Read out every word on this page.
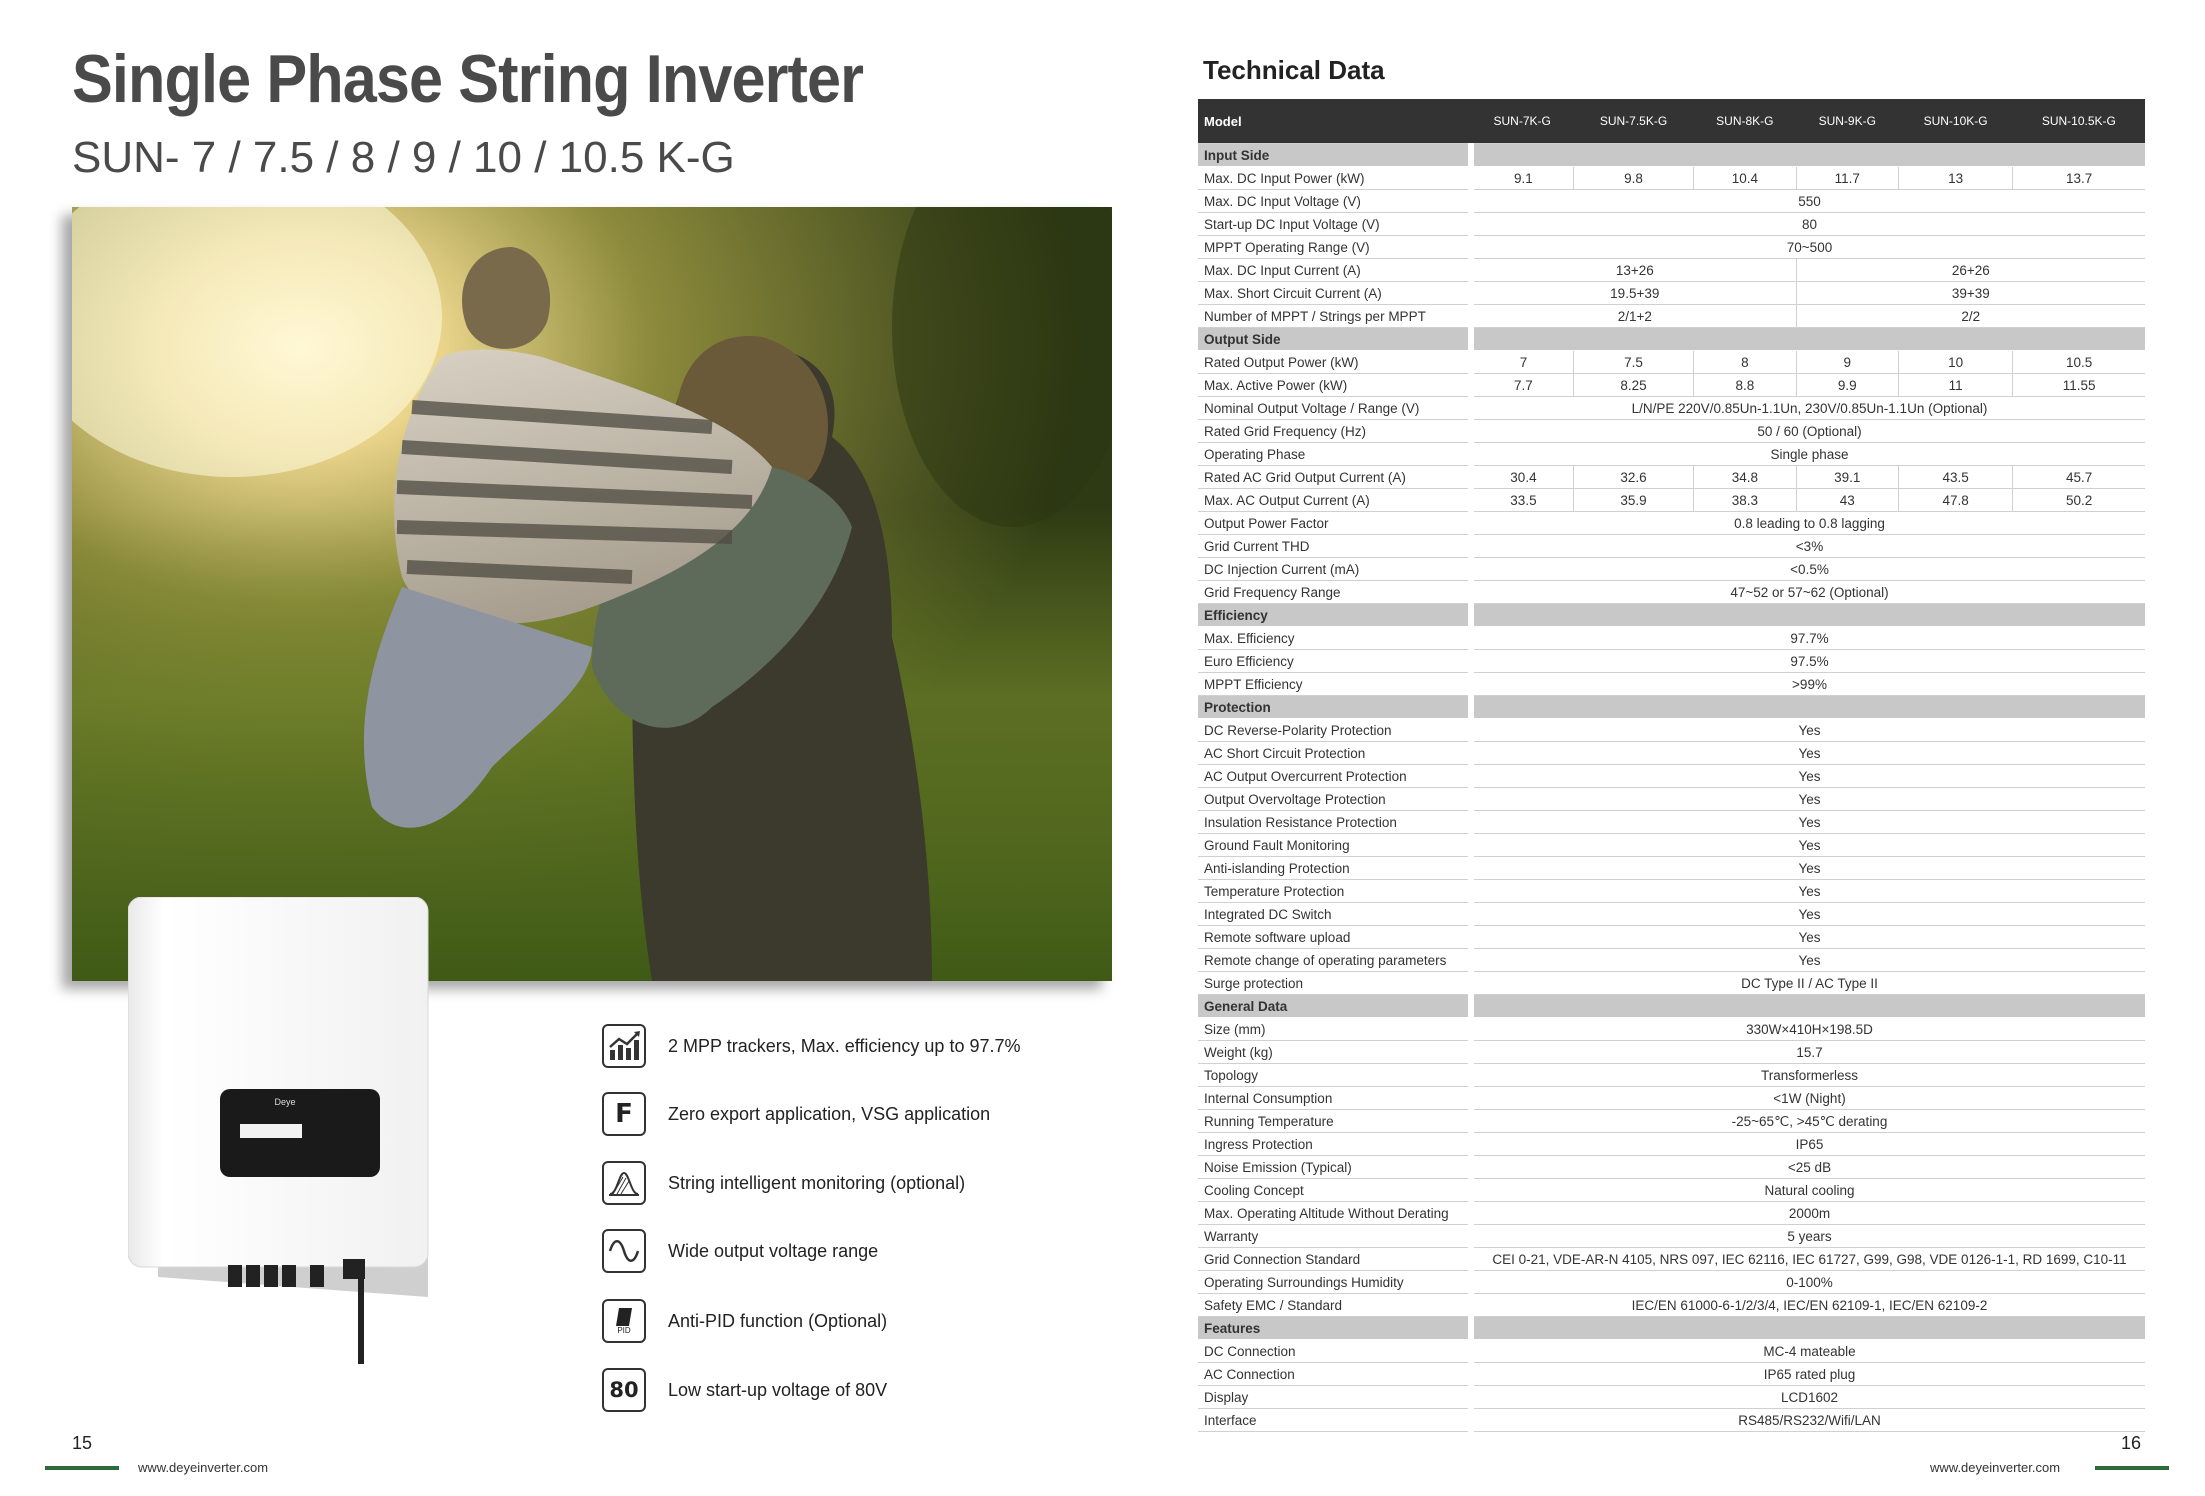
Single Phase String Inverter
SUN- 7 / 7.5 / 8 / 9 / 10 / 10.5 K-G
Deye
2 MPP trackers, Max. efficiency up to 97.7%
F	Zero export application, VSG application
String intelligent monitoring (optional)
Wide output voltage range
PID Anti-PID function (Optional)
80	Low start-up voltage of 80V
15
www.deyeinverter.com
Technical Data
Model	SUN-7K-G	SUN-7.5K-G	SUN-8K-G	SUN-9K-G	SUN-10K-G	SUN-10.5K-G
Input Side						
Max. DC Input Power (kW)	9.1	9.8	10.4	11.7	13	13.7
Max. DC Input Voltage (V)	550					
Start-up DC Input Voltage (V)	80					
MPPT Operating Range (V)	70~500					
Max. DC Input Current (A)	13+26			26+26		
Max. Short Circuit Current (A)	19.5+39			39+39		
Number of MPPT / Strings per MPPT	2/1+2			2/2		
Output Side						
Rated Output Power (kW)	7	7.5	8	9	10	10.5
Max. Active Power (kW)	7.7	8.25	8.8	9.9	11	11.55
Nominal Output Voltage / Range (V)	L/N/PE 220V/0.85Un-1.1Un, 230V/0.85Un-1.1Un (Optional)					
Rated Grid Frequency (Hz)	50 / 60 (Optional)					
Operating Phase	Single phase					
Rated AC Grid Output Current (A)	30.4	32.6	34.8	39.1	43.5	45.7
Max. AC Output Current (A)	33.5	35.9	38.3	43	47.8	50.2
Output Power Factor	0.8 leading to 0.8 lagging					
Grid Current THD	<3%					
DC Injection Current (mA)	<0.5%					
Grid Frequency Range	47~52 or 57~62 (Optional)					
Efficiency						
Max. Efficiency	97.7%					
Euro Efficiency	97.5%					
MPPT Efficiency	>99%					
Protection						
DC Reverse-Polarity Protection	Yes					
AC Short Circuit Protection	Yes					
AC Output Overcurrent Protection	Yes					
Output Overvoltage Protection	Yes					
Insulation Resistance Protection	Yes					
Ground Fault Monitoring	Yes					
Anti-islanding Protection	Yes					
Temperature Protection	Yes					
Integrated DC Switch	Yes					
Remote software upload	Yes					
Remote change of operating parameters	Yes					
Surge protection	DC Type II / AC Type II					
General Data						
Size (mm)	330W×410H×198.5D					
Weight (kg)	15.7					
Topology	Transformerless					
Internal Consumption	<1W (Night)					
Running Temperature	-25~65℃, >45℃ derating					
Ingress Protection	IP65					
Noise Emission (Typical)	<25 dB					
Cooling Concept	Natural cooling					
Max. Operating Altitude Without Derating	2000m					
Warranty	5 years					
Grid Connection Standard	CEI 0-21, VDE-AR-N 4105, NRS 097, IEC 62116, IEC 61727, G99, G98, VDE 0126-1-1, RD 1699, C10-11					
Operating Surroundings Humidity	0-100%					
Safety EMC / Standard	IEC/EN 61000-6-1/2/3/4, IEC/EN 62109-1, IEC/EN 62109-2					
Features						
DC Connection	MC-4 mateable					
AC Connection	IP65 rated plug					
Display	LCD1602					
Interface	RS485/RS232/Wifi/LAN					
16
www.deyeinverter.com
